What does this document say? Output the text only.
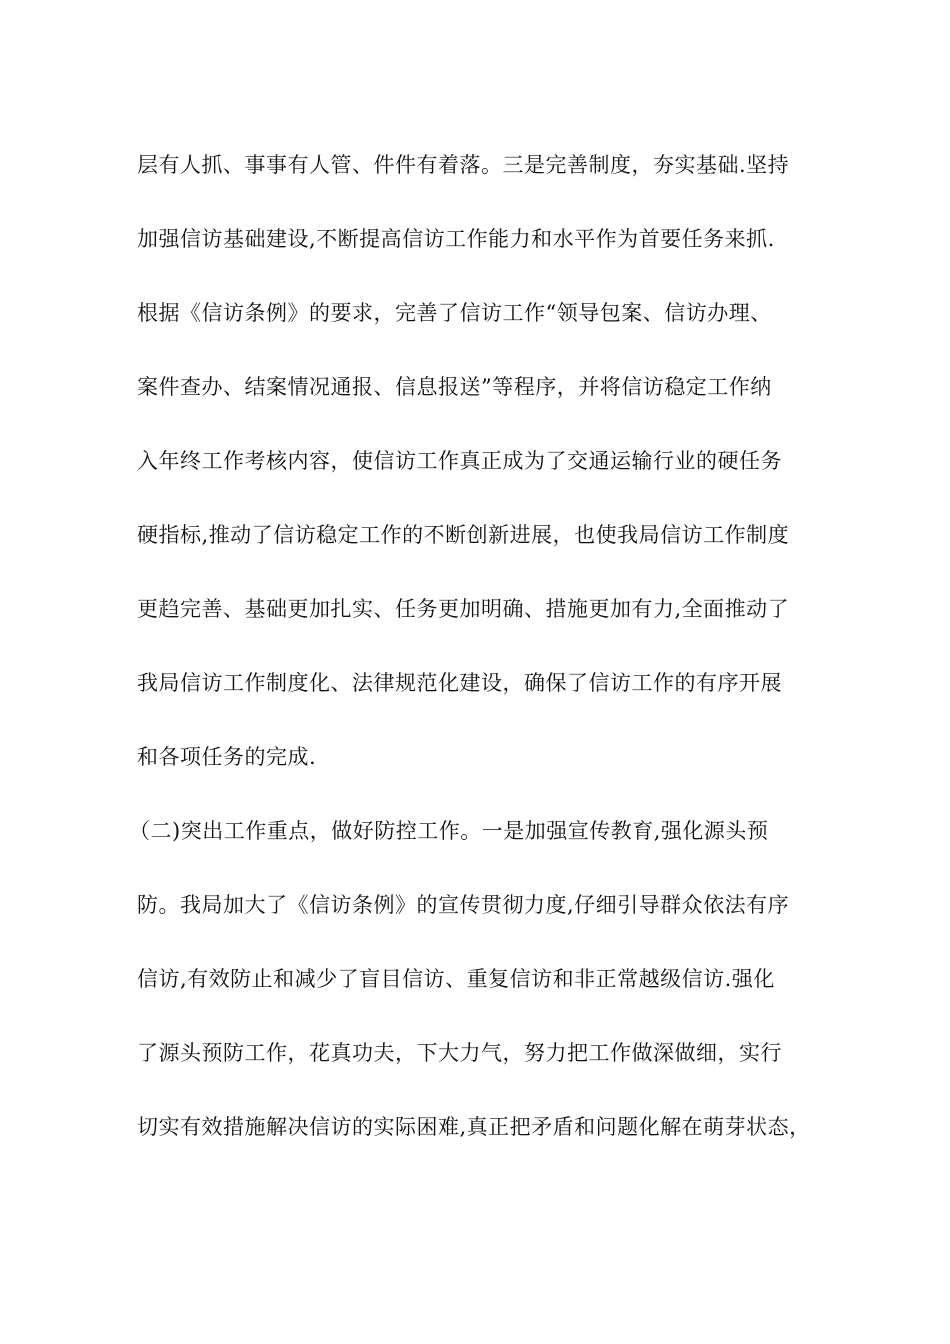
层有人抓、事事有人管、件件有着落。三是完善制度，夯实基础.坚持
加强信访基础建设,不断提高信访工作能力和水平作为首要任务来抓.
根据《信访条例》的要求，完善了信访工作“领导包案、信访办理、
案件查办、结案情况通报、信息报送”等程序，并将信访稳定工作纳
入年终工作考核内容，使信访工作真正成为了交通运输行业的硬任务
硬指标,推动了信访稳定工作的不断创新进展，也使我局信访工作制度
更趋完善、基础更加扎实、任务更加明确、措施更加有力,全面推动了
我局信访工作制度化、法律规范化建设，确保了信访工作的有序开展
和各项任务的完成.
（二)突出工作重点，做好防控工作。一是加强宣传教育,强化源头预
防。我局加大了《信访条例》的宣传贯彻力度,仔细引导群众依法有序
信访,有效防止和减少了盲目信访、重复信访和非正常越级信访.强化
了源头预防工作，花真功夫，下大力气，努力把工作做深做细，实行
切实有效措施解决信访的实际困难,真正把矛盾和问题化解在萌芽状态，
